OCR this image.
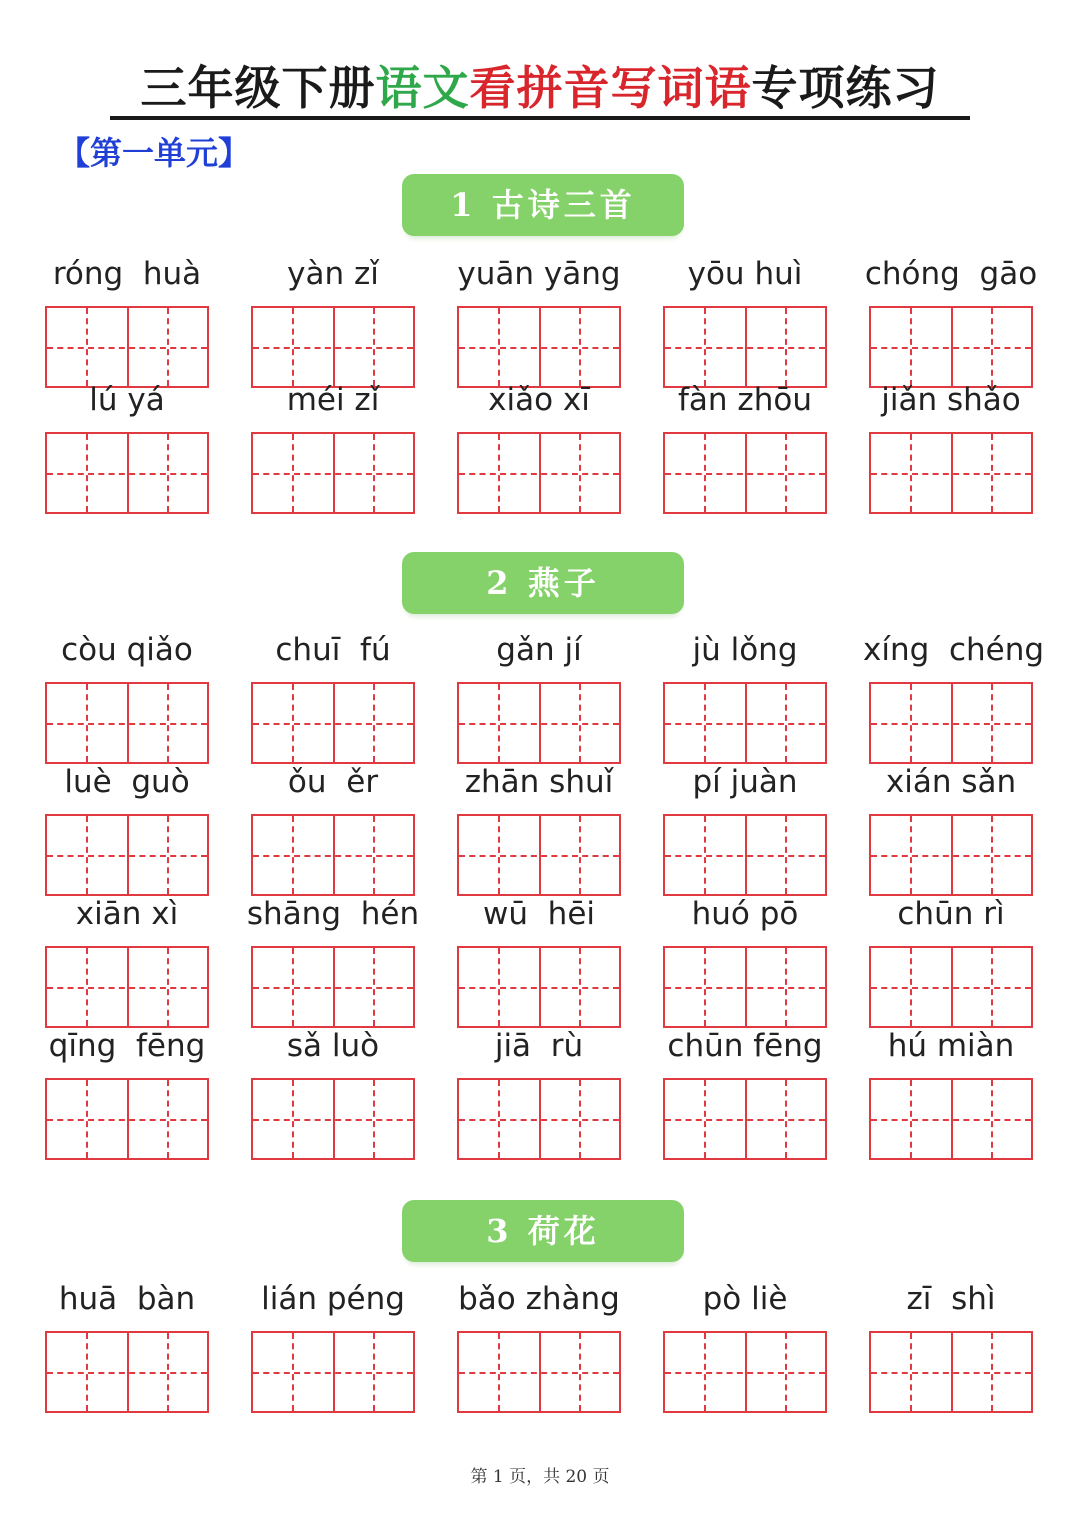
三年级下册语文看拼音写词语专项练习
【第一单元】
1 古诗三首
róng  huà	yàn zǐ	yuān yāng	yōu huì	chóng  gāo
lú yá	méi zǐ	xiǎo xī	fàn zhōu	jiǎn shǎo
2 燕子
còu qiǎo	chuī  fú	gǎn jí	jù lǒng	xíng  chéng
luè  guò	ǒu  ěr	zhān shuǐ	pí juàn	xián sǎn
xiān xì	shāng  hén	wū  hēi	huó pō	chūn rì
qīng  fēng	sǎ luò	jiā  rù	chūn fēng	hú miàn
3 荷花
huā  bàn	lián péng	bǎo zhàng	pò liè	zī  shì
第 1 页，共 20 页
